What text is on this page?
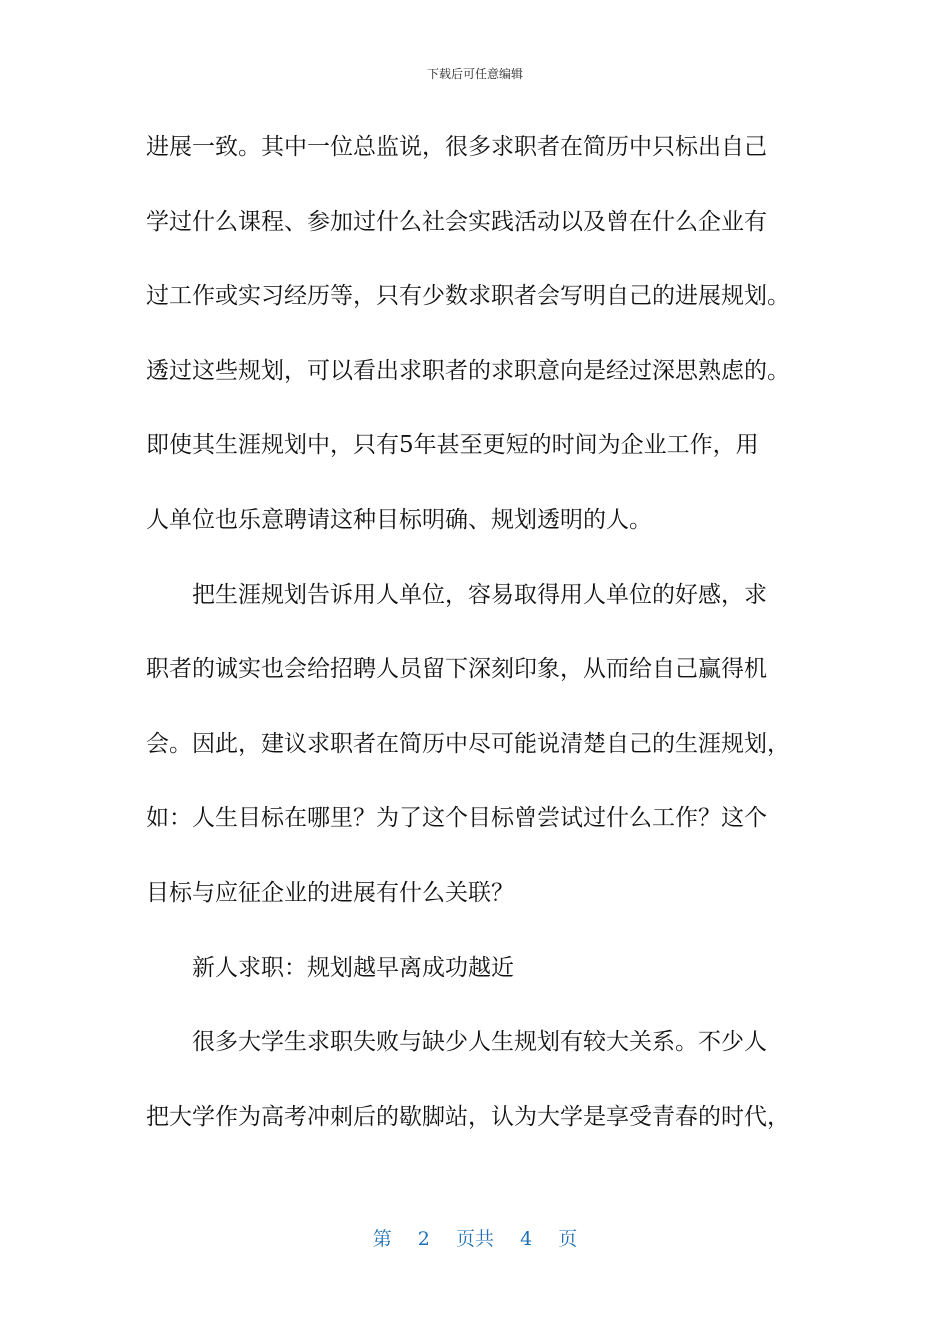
下载后可任意编辑
进展一致。其中一位总监说，很多求职者在简历中只标出自己
学过什么课程、参加过什么社会实践活动以及曾在什么企业有
过工作或实习经历等，只有少数求职者会写明自己的进展规划。
透过这些规划，可以看出求职者的求职意向是经过深思熟虑的。
即使其生涯规划中，只有5年甚至更短的时间为企业工作，用
人单位也乐意聘请这种目标明确、规划透明的人。
把生涯规划告诉用人单位，容易取得用人单位的好感，求
职者的诚实也会给招聘人员留下深刻印象，从而给自己赢得机
会。因此，建议求职者在简历中尽可能说清楚自己的生涯规划，
如：人生目标在哪里？为了这个目标曾尝试过什么工作？这个
目标与应征企业的进展有什么关联？
新人求职：规划越早离成功越近
很多大学生求职失败与缺少人生规划有较大关系。不少人
把大学作为高考冲刺后的歇脚站，认为大学是享受青春的时代，
第 2 页共 4 页
